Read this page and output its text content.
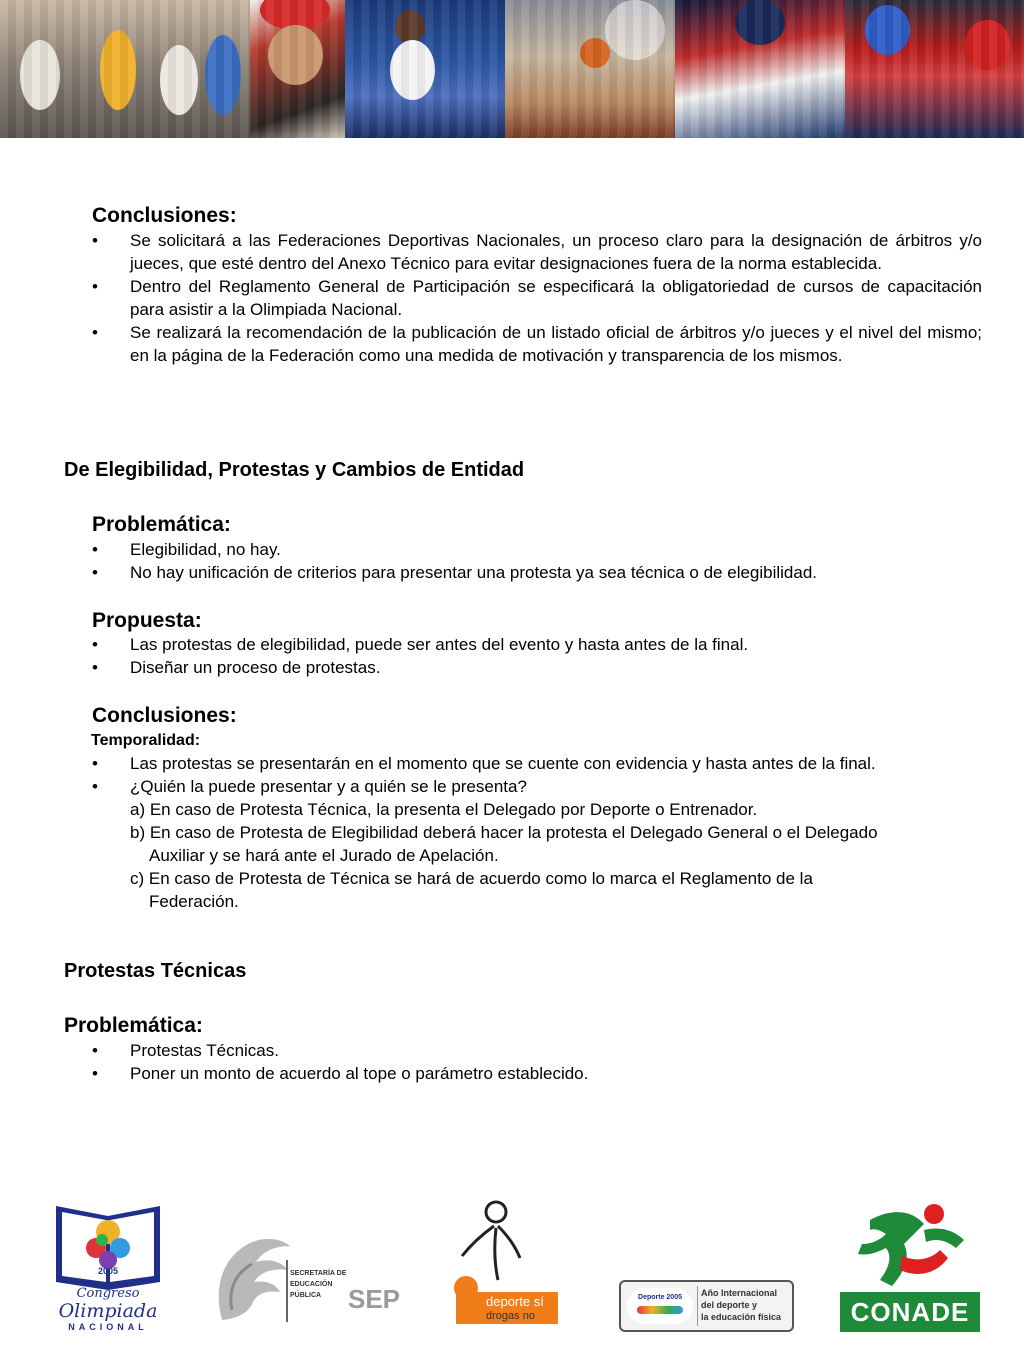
Conclusiones:
• Se solicitará a las Federaciones Deportivas Nacionales, un proceso claro para la designación de árbitros y/o jueces, que esté dentro del Anexo Técnico para evitar designaciones fuera de la norma establecida.
• Dentro del Reglamento General de Participación se especificará la obligatoriedad de cursos de capacitación para asistir a la Olimpiada Nacional.
• Se realizará la recomendación de la publicación de un listado oficial de árbitros y/o jueces y el nivel del mismo; en la página de la Federación como una medida de motivación y transparencia de los mismos.
De Elegibilidad, Protestas y Cambios de Entidad
Problemática:
• Elegibilidad, no hay.
• No hay unificación de criterios para presentar una protesta ya sea técnica o de elegibilidad.
Propuesta:
• Las protestas de elegibilidad, puede ser antes del evento y hasta antes de la final.
• Diseñar un proceso de protestas.
Conclusiones:
Temporalidad:
• Las protestas se presentarán en el momento que se cuente con evidencia y hasta antes de la final.
• ¿Quién la puede presentar y a quién se le presenta?
a) En caso de Protesta Técnica, la presenta el Delegado por Deporte o Entrenador.
b) En caso de Protesta de Elegibilidad deberá hacer la protesta el Delegado General o el Delegado
Auxiliar y se hará ante el Jurado de Apelación.
c) En caso de Protesta de Técnica se hará de acuerdo como lo marca el Reglamento de la
Federación.
Protestas Técnicas
Problemática:
• Protestas Técnicas.
• Poner un monto de acuerdo al tope o parámetro establecido.
2005
Congreso
Olimpiada
NACIONAL
SECRETARÍA DE
EDUCACIÓN
PÚBLICA	SEP	deporte sí
drogas no
Deporte 2005	Año Internacional
del deporte y
la educación física	CONADE
